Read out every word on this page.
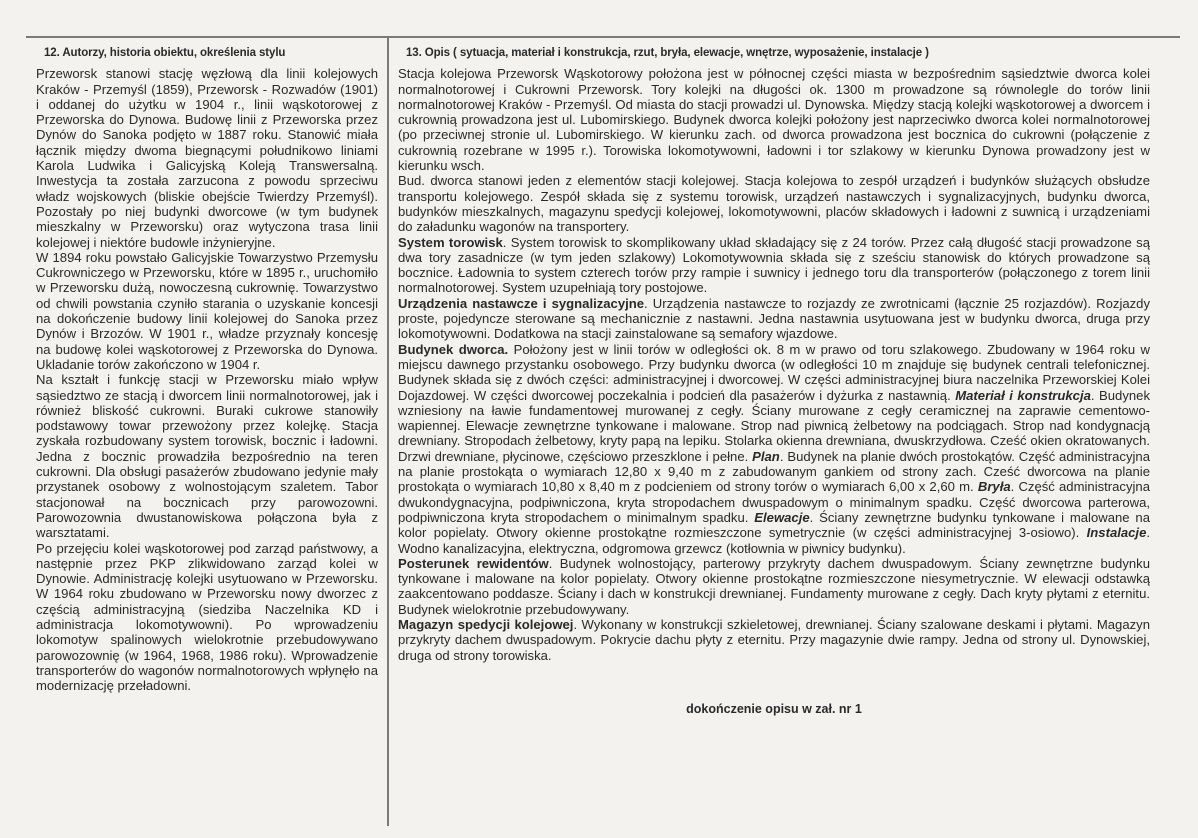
12. Autorzy, historia obiektu, określenia stylu

Przeworsk stanowi stację węzłową dla linii kolejowych Kraków - Przemyśl (1859), Przeworsk - Rozwadów (1901) i oddanej do użytku w 1904 r., linii wąskotorowej z Przeworska do Dynowa. Budowę linii z Przeworska przez Dynów do Sanoka podjęto w 1887 roku. Stanowić miała łącznik między dwoma biegnącymi południkowo liniami Karola Ludwika i Galicyjską Koleją Transwersalną. Inwestycja ta została zarzucona z powodu sprzeciwu władz wojskowych (bliskie obejście Twierdzy Przemyśl). Pozostały po niej budynki dworcowe (w tym budynek mieszkalny w Przeworsku) oraz wytyczona trasa linii kolejowej i niektóre budowle inżynieryjne.

W 1894 roku powstało Galicyjskie Towarzystwo Przemysłu Cukrowniczego w Przeworsku, które w 1895 r., uruchomiło w Przeworsku dużą, nowoczesną cukrownię. Towarzystwo od chwili powstania czyniło starania o uzyskanie koncesji na dokończenie budowy linii kolejowej do Sanoka przez Dynów i Brzozów. W 1901 r., władze przyznały koncesję na budowę kolei wąskotorowej z Przeworska do Dynowa. Ukladanie torów zakończono w 1904 r.

Na kształt i funkcję stacji w Przeworsku miało wpływ sąsiedztwo ze stacją i dworcem linii normalnotorowej, jak i również bliskość cukrowni. Buraki cukrowe stanowiły podstawowy towar przewożony przez kolejkę. Stacja zyskała rozbudowany system torowisk, bocznic i ładowni. Jedna z bocznic prowadziła bezpośrednio na teren cukrowni. Dla obsługi pasażerów zbudowano jedynie mały przystanek osobowy z wolnostojącym szaletem. Tabor stacjonował na bocznicach przy parowozowni. Parowozownia dwustanowiskowa połączona była z warsztatami.

Po przejęciu kolei wąskotorowej pod zarząd państwowy, a następnie przez PKP zlikwidowano zarząd kolei w Dynowie. Administrację kolejki usytuowano w Przeworsku. W 1964 roku zbudowano w Przeworsku nowy dworzec z częścią administracyjną (siedziba Naczelnika KD i administracja lokomotywowni). Po wprowadzeniu lokomotyw spalinowych wielokrotnie przebudowywano parowozownię (w 1964, 1968, 1986 roku). Wprowadzenie transporterów do wagonów normalnotorowych wpłynęło na modernizację przeładowni.

13. Opis ( sytuacja, materiał i konstrukcja, rzut, bryła, elewacje, wnętrze, wyposażenie, instalacje )

Stacja kolejowa Przeworsk Wąskotorowy położona jest w północnej części miasta w bezpośrednim sąsiedztwie dworca kolei normalnotorowej i Cukrowni Przeworsk. Tory kolejki na długości ok. 1300 m prowadzone są równolegle do torów linii normalnotorowej Kraków - Przemyśl. Od miasta do stacji prowadzi ul. Dynowska. Między stacją kolejki wąskotorowej a dworcem i cukrownią prowadzona jest ul. Lubomirskiego. Budynek dworca kolejki położony jest naprzeciwko dworca kolei normalnotorowej (po przeciwnej stronie ul. Lubomirskiego. W kierunku zach. od dworca prowadzona jest bocznica do cukrowni (połączenie z cukrownią rozebrane w 1995 r.). Torowiska lokomotywowni, ładowni i tor szlakowy w kierunku Dynowa prowadzony jest w kierunku wsch.

Bud. dworca stanowi jeden z elementów stacji kolejowej. Stacja kolejowa to zespół urządzeń i budynków służących obsłudze transportu kolejowego. Zespół składa się z systemu torowisk, urządzeń nastawczych i sygnalizacyjnych, budynku dworca, budynków mieszkalnych, magazynu spedycji kolejowej, lokomotywowni, placów składowych i ładowni z suwnicą i urządzeniami do załadunku wagonów na transportery.

System torowisk. System torowisk to skomplikowany układ składający się z 24 torów. Przez całą długość stacji prowadzone są dwa tory zasadnicze (w tym jeden szlakowy) Lokomotywownia składa się z sześciu stanowisk do których prowadzone są bocznice. Ładownia to system czterech torów przy rampie i suwnicy i jednego toru dla transporterów (połączonego z torem linii normalnotorowej. System uzupełniają tory postojowe.

Urządzenia nastawcze i sygnalizacyjne. Urządzenia nastawcze to rozjazdy ze zwrotnicami (łącznie 25 rozjazdów). Rozjazdy proste, pojedyncze sterowane są mechanicznie z nastawni. Jedna nastawnia usytuowana jest w budynku dworca, druga przy lokomotywowni. Dodatkowa na stacji zainstalowane są semafory wjazdowe.

Budynek dworca. Położony jest w linii torów w odległości ok. 8 m w prawo od toru szlakowego. Zbudowany w 1964 roku w miejscu dawnego przystanku osobowego. Przy budynku dworca (w odległości 10 m znajduje się budynek centrali telefonicznej. Budynek składa się z dwóch części: administracyjnej i dworcowej. W części administracyjnej biura naczelnika Przeworskiej Kolei Dojazdowej. W części dworcowej poczekalnia i podcień dla pasażerów i dyżurka z nastawnią. Materiał i konstrukcja. Budynek wzniesiony na ławie fundamentowej murowanej z cegły. Ściany murowane z cegły ceramicznej na zaprawie cementowo-wapiennej. Elewacje zewnętrzne tynkowane i malowane. Strop nad piwnicą żelbetowy na podciągach. Strop nad kondygnacją drewniany. Stropodach żelbetowy, kryty papą na lepiku. Stolarka okienna drewniana, dwuskrzydłowa. Cześć okien okratowanych. Drzwi drewniane, płycinowe, częściowo przeszklone i pełne. Plan. Budynek na planie dwóch prostokątów. Część administracyjna na planie prostokąta o wymiarach 12,80 x 9,40 m z zabudowanym gankiem od strony zach. Cześć dworcowa na planie prostokąta o wymiarach 10,80 x 8,40 m z podcieniem od strony torów o wymiarach 6,00 x 2,60 m. Bryła. Część administracyjna dwukondygnacyjna, podpiwniczona, kryta stropodachem dwuspadowym o minimalnym spadku. Część dworcowa parterowa, podpiwniczona kryta stropodachem o minimalnym spadku. Elewacje. Ściany zewnętrzne budynku tynkowane i malowane na kolor popielaty. Otwory okienne prostokątne rozmieszczone symetrycznie (w części administracyjnej 3-osiowo). Instalacje. Wodno kanalizacyjna, elektryczna, odgromowa grzewcz (kotłownia w piwnicy budynku).

Posterunek rewidentów. Budynek wolnostojący, parterowy przykryty dachem dwuspadowym. Ściany zewnętrzne budynku tynkowane i malowane na kolor popielaty. Otwory okienne prostokątne rozmieszczone niesymetrycznie. W elewacji odstawką zaakcentowano poddasze. Ściany i dach w konstrukcji drewnianej. Fundamenty murowane z cegły. Dach kryty płytami z eternitu. Budynek wielokrotnie przebudowywany.

Magazyn spedycji kolejowej. Wykonany w konstrukcji szkieletowej, drewnianej. Ściany szalowane deskami i płytami. Magazyn przykryty dachem dwuspadowym. Pokrycie dachu płyty z eternitu. Przy magazynie dwie rampy. Jedna od strony ul. Dynowskiej, druga od strony torowiska.

dokończenie opisu w zał. nr 1
